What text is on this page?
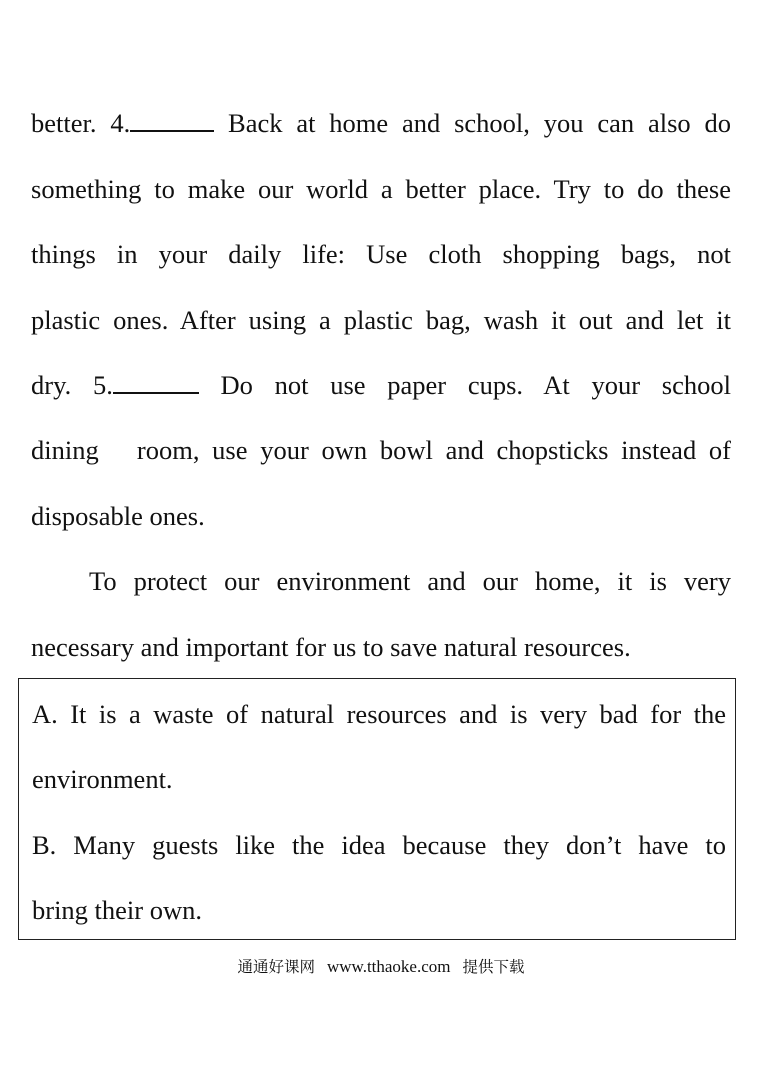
better. 4.	Back at home and school, you can also do
something to make our world a better place. Try to do these
things in your daily life: Use cloth shopping bags, not
plastic ones. After using a plastic bag, wash it out and let it
dry. 5.	Do not use paper cups. At your school
dining   room, use your own bowl and chopsticks instead of
disposable ones.
To protect our environment and our home, it is very
necessary and important for us to save natural resources.
A. It is a waste of natural resources and is very bad for the
environment.
B. Many guests like the idea because they don’t have to
bring their own.
通通好课网 www.tthaoke.com 提供下载
